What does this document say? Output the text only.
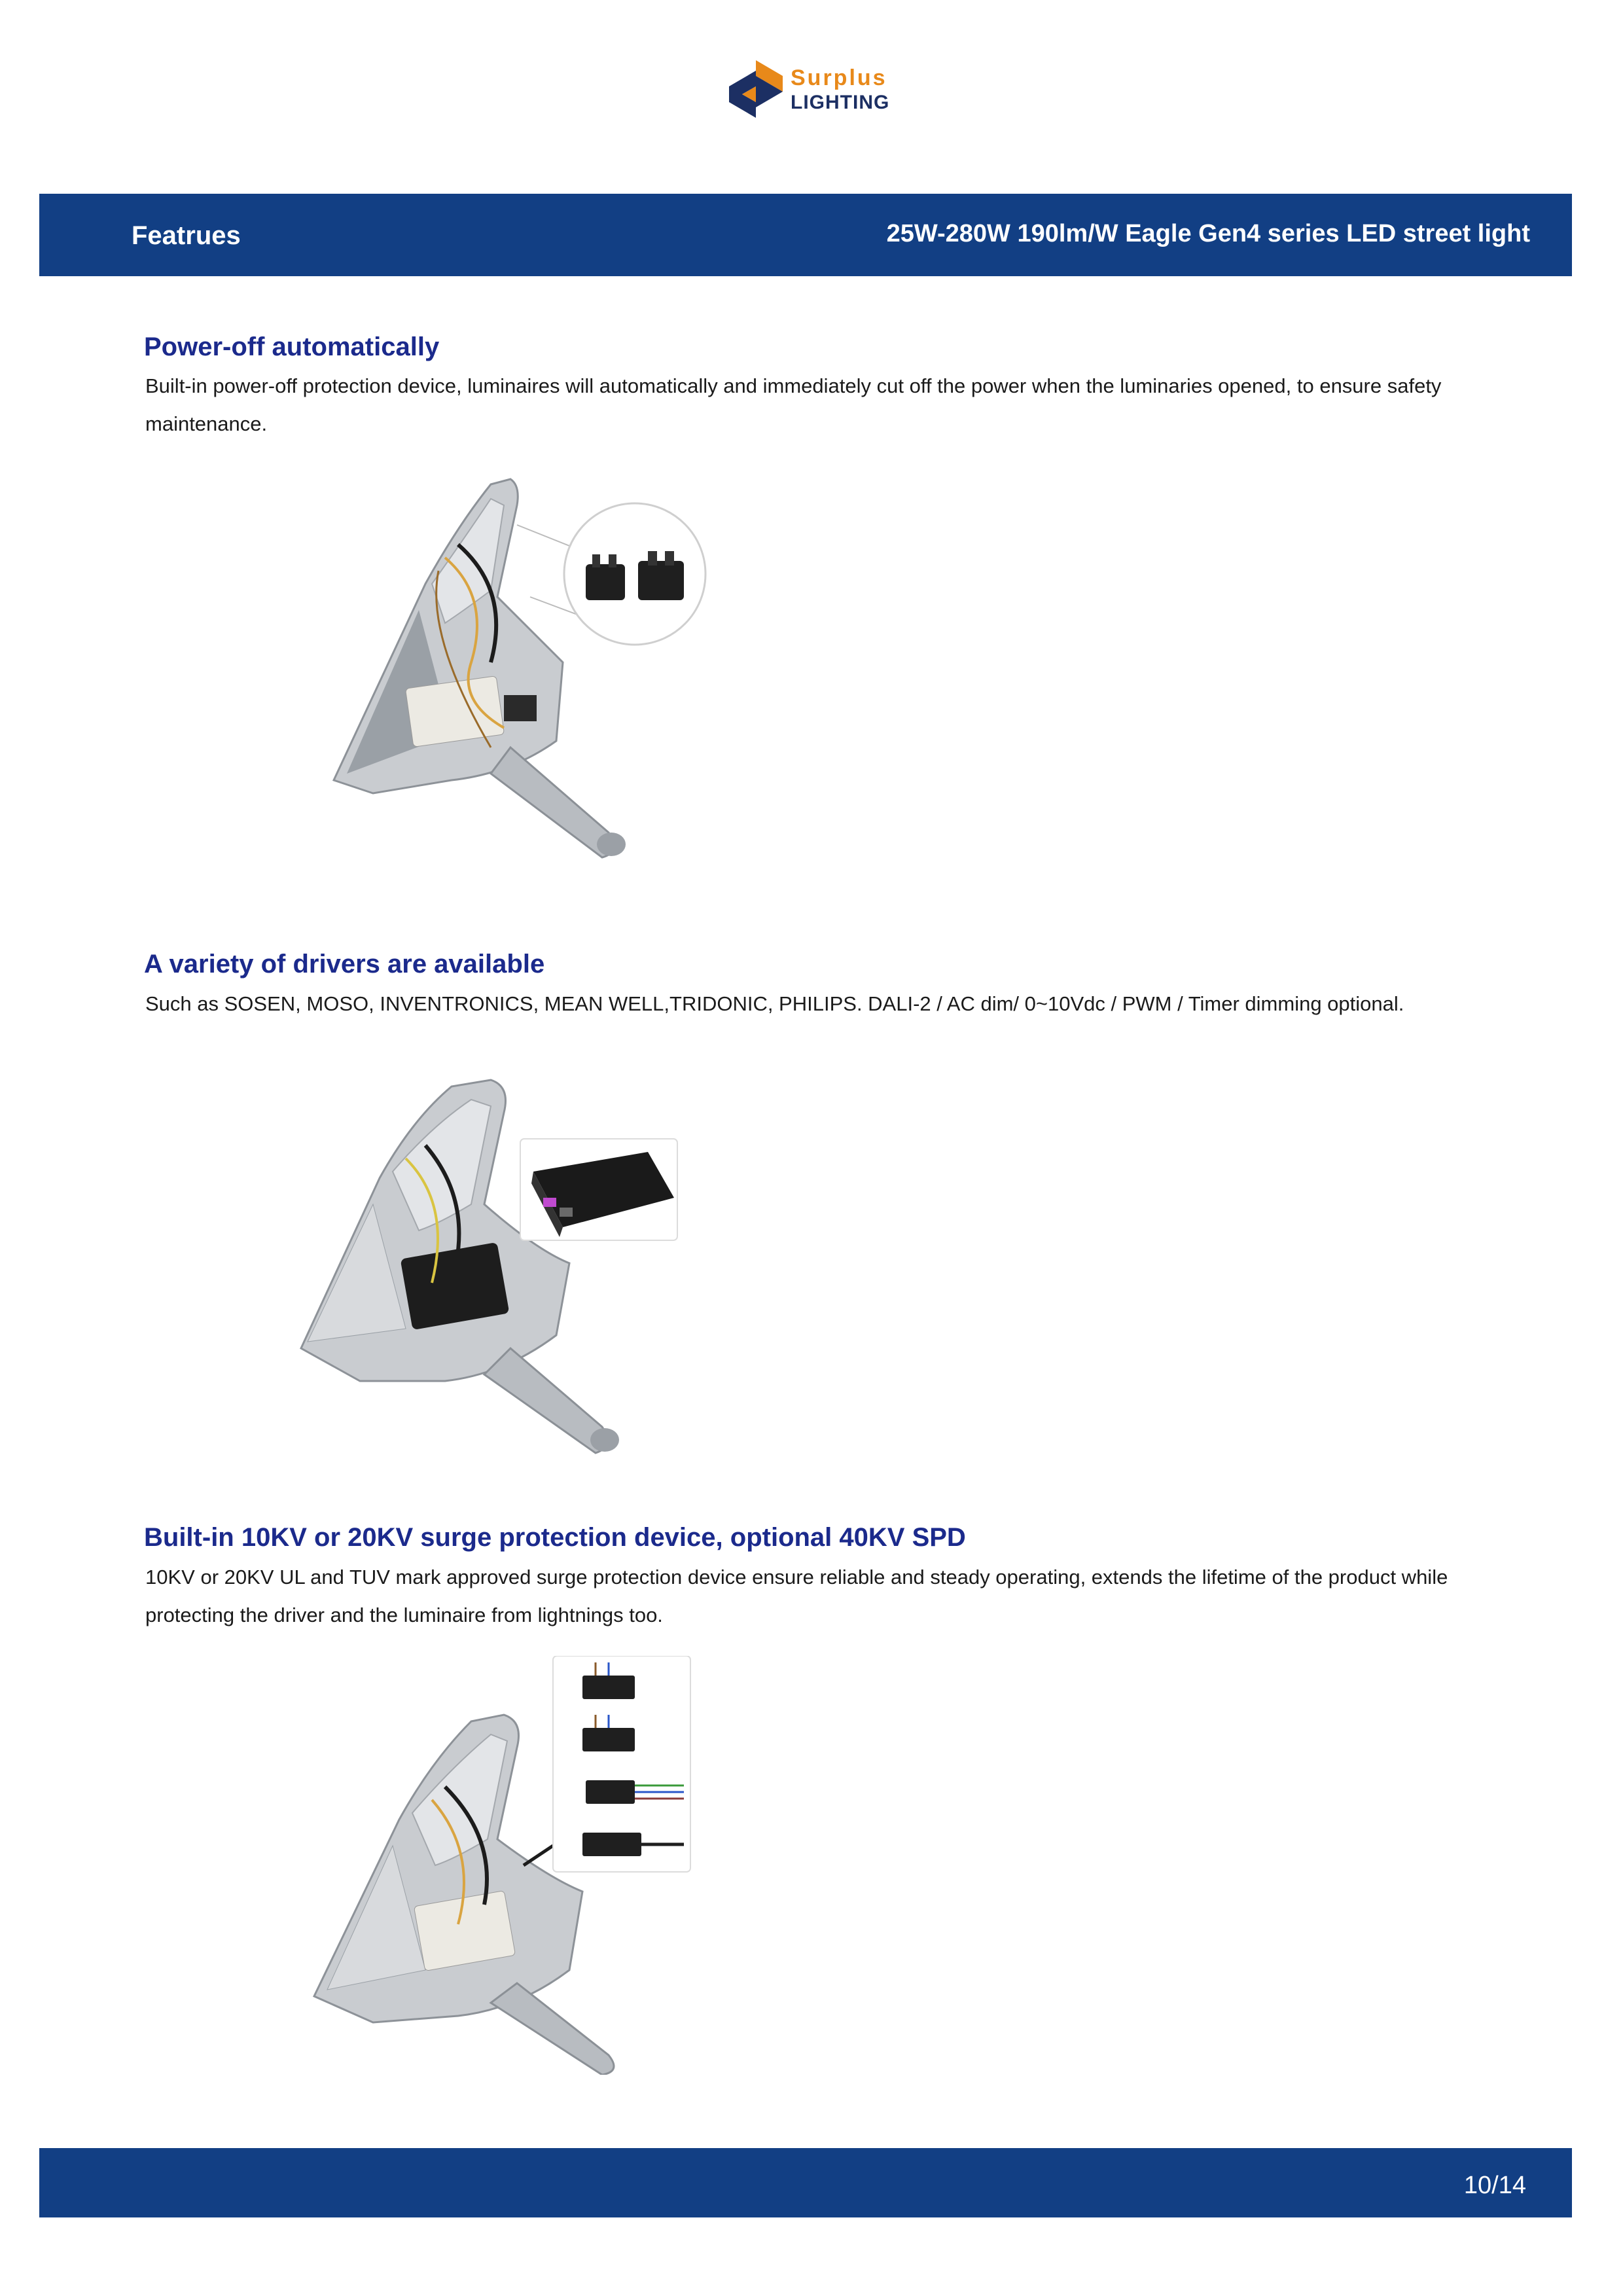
Surplus
LIGHTING
Featrues	25W-280W 190lm/W Eagle Gen4 series LED street light
Power-off automatically
Built-in power-off protection device, luminaires will automatically and immediately cut off the power when the luminaries opened, to ensure safety maintenance.
A variety of drivers are available
Such as SOSEN, MOSO, INVENTRONICS, MEAN WELL,TRIDONIC, PHILIPS. DALI-2 / AC dim/ 0~10Vdc / PWM / Timer dimming optional.
Built-in 10KV or 20KV surge protection device, optional 40KV SPD
10KV or 20KV UL and TUV mark approved surge protection device ensure reliable and steady operating, extends the lifetime of the product while protecting the driver and the luminaire from lightnings too.
10/14
